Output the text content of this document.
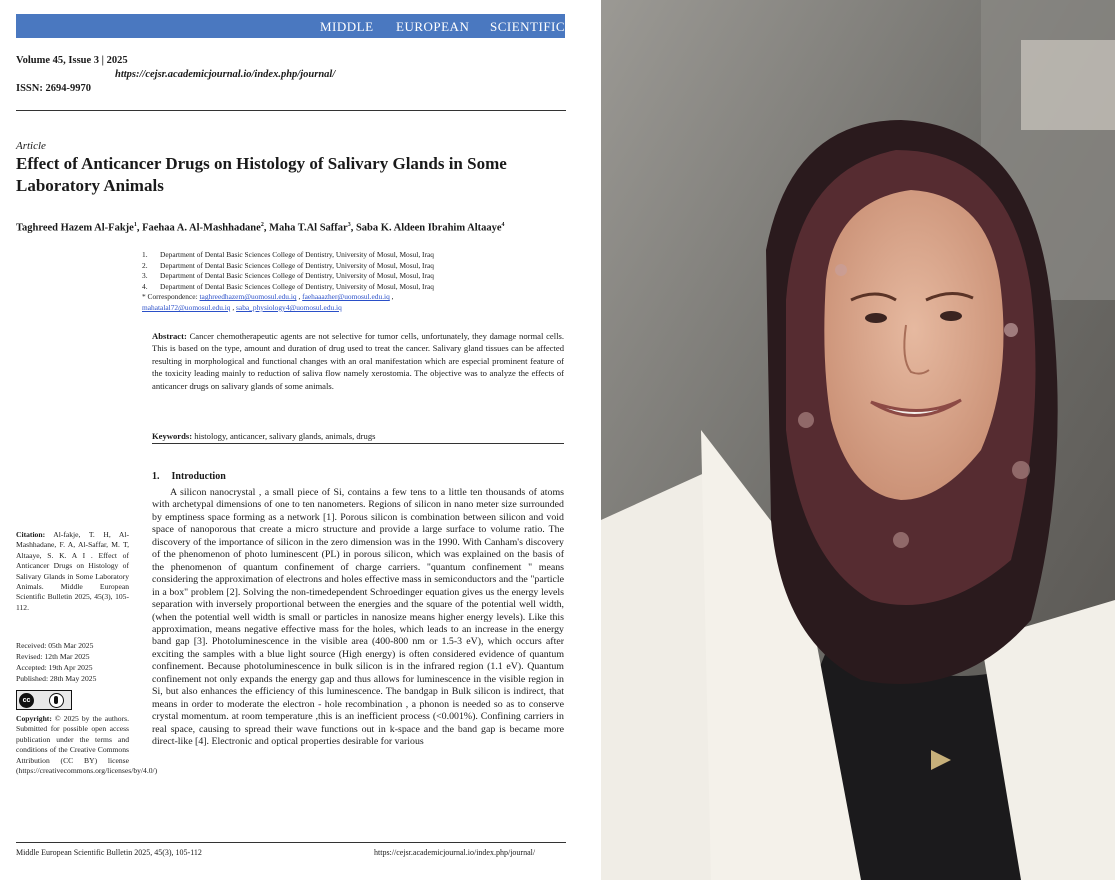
MIDDLE EUROPEAN SCIENTIFIC
Volume 45, Issue 3 | 2025
https://cejsr.academicjournal.io/index.php/journal/
ISSN: 2694-9970
Article
Effect of Anticancer Drugs on Histology of Salivary Glands in Some Laboratory Animals
Taghreed Hazem Al-Fakje$^1$, Faehaa A. Al-Mashhadane$^2$, Maha T.Al Saffar$^3$, Saba K. Aldeen Ibrahim Altaaye$^4$
1. Department of Dental Basic Sciences College of Dentistry, University of Mosul, Mosul, Iraq
2. Department of Dental Basic Sciences College of Dentistry, University of Mosul, Mosul, Iraq
3. Department of Dental Basic Sciences College of Dentistry, University of Mosul, Mosul, Iraq
4. Department of Dental Basic Sciences College of Dentistry, University of Mosul, Mosul, Iraq
* Correspondence: taghreedhazem@uomosul.edu.iq , faehaaazher@uomosul.edu.iq ,
mahatalal72@uomosul.edu.iq , saba_physiology4@uomosul.edu.iq
Abstract: Cancer chemotherapeutic agents are not selective for tumor cells, unfortunately, they damage normal cells. This is based on the type, amount and duration of drug used to treat the cancer. Salivary gland tissues can be affected resulting in morphological and functional changes with an oral manifestation which are especial prominent feature of the toxicity leading mainly to reduction of saliva flow namely xerostomia. The objective was to analyze the effects of anticancer drugs on salivary glands of some animals.
Keywords: histology, anticancer, salivary glands, animals, drugs
1. Introduction
A silicon nanocrystal , a small piece of Si, contains a few tens to a little ten thousands of atoms with archetypal dimensions of one to ten nanometers. Regions of silicon in nano meter size surrounded by emptiness space forming as a network [1]. Porous silicon is combination between silicon and void space of nanoporous that create a micro structure and provide a large surface to volume ratio. The discovery of the importance of silicon in the zero dimension was in the 1990. With Canham's discovery of the phenomenon of photo luminescent (PL) in porous silicon, which was explained on the basis of the phenomenon of quantum confinement of charge carriers. "quantum confinement " means considering the approximation of electrons and holes effective mass in semiconductors and the "particle in a box" problem [2]. Solving the non-timedependent Schroedinger equation gives us the energy levels separation with inversely proportional between the energies and the square of the potential well width, (when the potential well width is small or particles in nanosize means higher energy levels). Like this approximation, means negative effective mass for the holes, which leads to an increase in the energy band gap [3]. Photoluminescence in the visible area (400-800 nm or 1.5-3 eV), which occurs after exciting the samples with a blue light source (High energy) is often considered evidence of quantum confinement. Because photoluminescence in bulk silicon is in the infrared region (1.1 eV). Quantum confinement not only expands the energy gap and thus allows for luminescence in the visible region in Si, but also enhances the efficiency of this luminescence. The bandgap in Bulk silicon is indirect, that means in order to moderate the electron - hole recombination , a phonon is needed so as to conserve crystal momentum. at room temperature ,this is an inefficient process (<0.001%). Confining carriers in real space, causing to spread their wave functions out in k-space and the band gap is became more direct-like [4]. Electronic and optical properties desirable for various
Citation: Al-fakje, T. H, Al-Mashhadane, F. A, Al-Saffar, M. T, Altaaye, S. K. A I . Effect of Anticancer Drugs on Histology of Salivary Glands in Some Laboratory Animals. Middle European Scientific Bulletin 2025, 45(3), 105-112.
Received: 05th Mar 2025
Revised: 12th Mar 2025
Accepted: 19th Apr 2025
Published: 28th May 2025
cc
Copyright: © 2025 by the authors. Submitted for possible open access publication under the terms and conditions of the Creative Commons Attribution (CC BY) license (https://creativecommons.org/licenses/by/4.0/)
Middle European Scientific Bulletin 2025, 45(3), 105-112	https://cejsr.academicjournal.io/index.php/journal/
